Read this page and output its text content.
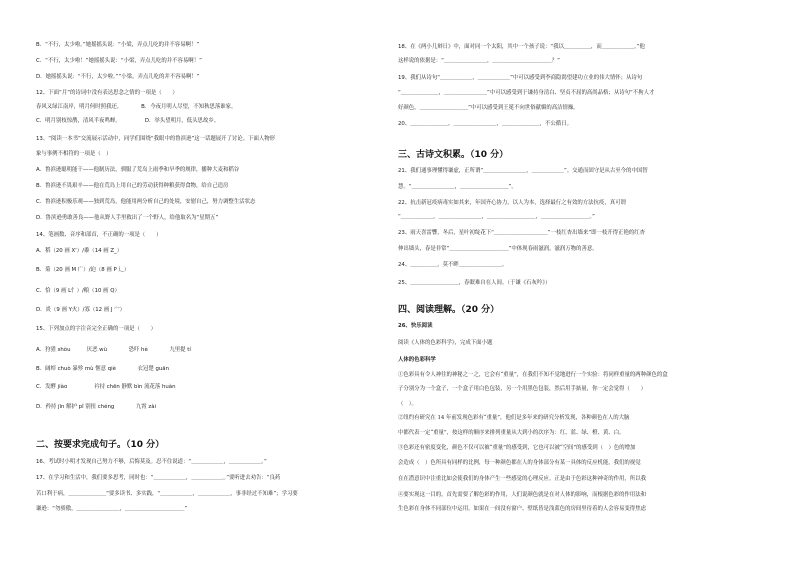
B．“不行，太少啦。”她摇摇头说：“小梁，弄点儿吃的并不容易啊！”
C．“不行，太少啦！”她摇摇头说：“小梁，弄点儿吃的并不容易啊！”
D．她摇摇头说：“不行，太少啦。”“小梁，弄点儿吃的并不容易啊！”
12、下面“月”的诗词中没有表达思念之情的一项是（　　）
春风又绿江南岸，明月何时照我还。　　　　B．今夜月明人尽望，不知秋思落谁家。
C．明月别枝惊鹊，清风半夜鸣蝉。　　　　　D．举头望明月，低头思故乡。
13、“阅读一本书”交流展示活动中，同学们围绕“我眼中的鲁滨逊”这一话题展开了讨论。下面人物形
象与事例不相符的一项是（　）
A．鲁滨逊聪明能干——他制历法，驯服了荒岛上雨季和旱季的规律，播种大麦和稻谷
B．鲁滨逊不畏艰辛——他在荒岛上用自己的劳动获得种粮获得食物，给自己造房
C．鲁滨逊积极乐观——独到荒岛，他能用两分析自己的处境，安慰自己，努力调整生活状态
D．鲁滨逊勇敢善良——他从野人手里救出了一个野人，给他取名为“星期五”
14、笔画数、音序和部首，不正确的一项是（　　）
A．稻（20 画 X'）/黍（14 画 Z_）
B．菊（20 画 M 广）/迫（8 画 P 辶）
C．恰（9 画 L忄）/粮（10 画 Q）
D．炎（9 画 Y火）/寡（12 画 J 宀）
15、下列加点的字注音完全正确的一项是（　　）
A．狩猎 shòu　　　厌恶 wù　　　　恐吓 hè　　　　九里提 tí
B．阔绰 chuò 暴殄 mù 惬意 qiè　　　　衣冠楚 guān
C．发酵 jiào　　　　　衿持 chēn 静默 bìn 流花落 huàn
D．矜持 jīn 解护 pǐ 别扭 chéng　　　　九霄 zài
二、按要求完成句子。（10 分）
16、考试时小明才发现自己努力不够，后悔莫及。忍不住说道：“＿＿＿＿＿＿，＿＿＿＿＿＿。”
17、在学习和生活中，我们要多思考，同时也：“＿＿＿＿＿＿，＿＿＿＿＿＿。”要听进去劝告：“良药
苦口利于病，＿＿＿＿＿＿＿”要多读书、多实践，“＿＿＿＿＿＿，＿＿＿＿＿＿，事非经过不知难”；学习要
谦逊：“勿骄傲，＿＿＿＿＿＿＿＿，＿＿＿＿＿＿＿＿＿＿＿”
18、在《两小儿辩日》中，面对同一个太阳，其中一个孩子说：“我以＿＿＿＿＿，而＿＿＿＿＿＿。”他
这样说的依据是：“＿＿＿＿＿＿＿＿，＿＿＿＿＿＿＿＿＿＿＿？”
19、我们从诗句“＿＿＿＿＿＿，＿＿＿＿＿＿”中可以感受到李商隐渴望建功立业的伟大情怀；从诗句
“＿＿＿＿＿＿＿，＿＿＿＿＿＿＿＿”中可以感受到于谦持身清白、坚贞不屈的高尚品格；从诗句“不拘人才
好颜色，＿＿＿＿＿＿＿＿＿”中可以感受到王冕不向世俗献媚的高洁情操。
20、＿＿＿＿＿＿＿，＿＿＿＿＿＿＿＿，＿＿＿＿＿＿＿，不公循日。
三、古诗文积累。（10 分）
21、我们通事理懂得谦虚，正所谓“＿＿＿＿＿＿＿＿，＿＿＿＿＿＿”。交通而固守是从古至今的中国智
慧。“＿＿＿＿＿＿＿＿，＿＿＿＿＿＿＿＿＿”。
22、抗击新冠疫病毒实如其来，年国齐心协力，以人为本，选择最行之有效的方法抗疫，真可谓
“＿＿＿＿＿＿，＿＿＿＿＿＿＿＿，＿＿＿＿＿＿＿＿＿，＿＿＿＿＿＿＿＿＿。”
23、雨天喜雷響，冬后，星叶初绽花下“＿＿＿＿＿＿＿＿＿＿”一枝红杏出墙来”即一枝开得正艳的红杏
伸出墙头，春是非常“＿＿＿＿＿＿＿＿＿＿＿”中体现春雨滋润，滋润万物的善意。
24、＿＿＿＿＿，莫不畔＿＿＿＿＿＿＿＿。
25、＿＿＿＿＿＿＿＿＿，春眠难自在人间。（于谦《石灰吟》）
四、阅读理解。（20 分）
26、快乐阅读
阅读《人体的色彩科学》，完成下面小题
人体的色彩科学
①色彩具有令人神往的神秘之一之，它会有“重量”，在我们不知不觉地进行一个实验：将同样重量的两种颜色的盒
子分别分为一个盒子，一个盒子用白色包装，另一个用黑色包装，然后用手掂量，你一定会觉得（　　）
（　）。
②纽约有研究在 14 年前发现色彩有“重量”，他们是多年来的研究分析发现，各种颜色在人的大脑
中都代表一定“重量”，按这样的顺序来排列重量从大到小的次序为：红、蓝、绿、橙、黄、白。
③色彩还有密度变化，颜色不仅可以被“重量”的感受到，它也可以被“空间”的感受到（　）色的增加
会造成（　）色所具有同样的比例，每一种颜色都在人的身体部分有某一具体的反应机能，我们的视觉
在在潜意识中注重比如会使我们的身体产生一些感觉的心理反应。正是由于色彩这种神奇的作用，所以我
④要实现这一目的，首先需要了解色彩的作用，人们说颜色就是在对人体的影响，而根据色彩的作用法和
生色彩在身体不同部位中运用。如果在一间没有窗户、壁纸皆是浅蓝色的房间里待着的人会容易变得焦虑
